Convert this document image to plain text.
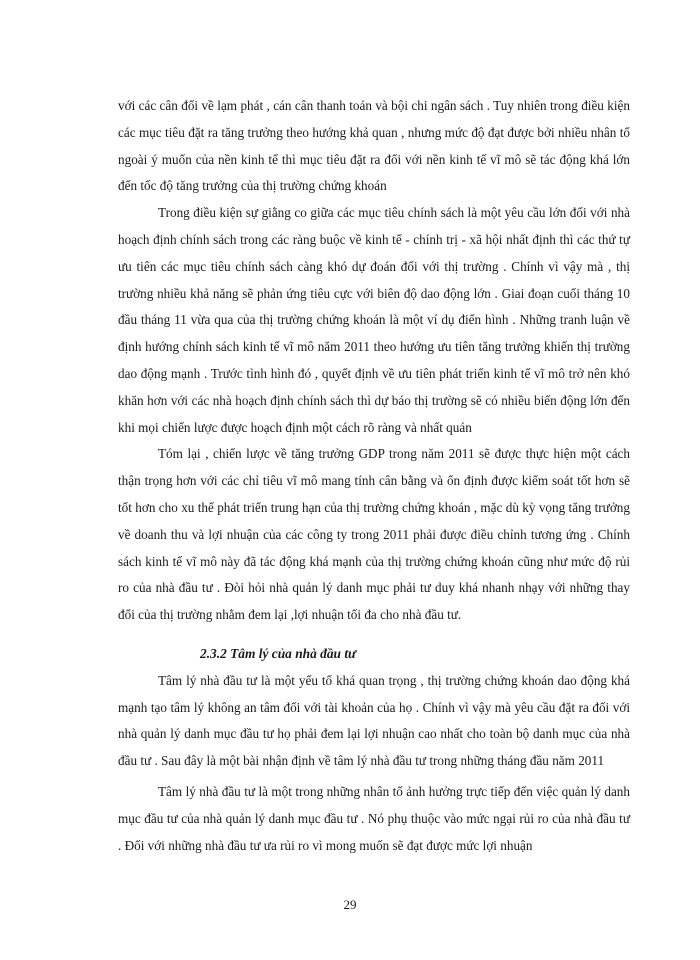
với các cân đối về lạm phát , cán cân thanh toán và bội chi ngân sách . Tuy nhiên trong điều kiện các mục tiêu đặt ra tăng trưởng theo hướng khả quan , nhưng mức độ đạt được bởi nhiều nhân tố ngoài ý muốn của nền kinh tế thì mục tiêu đặt ra đối với nền kinh tế vĩ mô sẽ tác động khá lớn đến tốc độ tăng trưởng của thị trường chứng khoán

Trong điều kiện sự giằng co giữa các mục tiêu chính sách là một yêu cầu lớn đối với nhà hoạch định chính sách trong các ràng buộc về kinh tế - chính trị - xã hội nhất định thì các thứ tự ưu tiên các mục tiêu chính sách càng khó dự đoán đối với thị trường . Chính vì vậy mà , thị trường nhiều khả năng sẽ phản ứng tiêu cực với biên độ dao động lớn . Giai đoạn cuối tháng 10 đầu tháng 11 vừa qua của thị trường chứng khoán là một ví dụ điển hình . Những tranh luận về định hướng chính sách kinh tế vĩ mô năm 2011 theo hướng ưu tiên tăng trưởng khiến thị trường dao động mạnh . Trước tình hình đó , quyết định về ưu tiên phát triển kinh tế vĩ mô trở nên khó khăn hơn với các nhà hoạch định chính sách thì dự báo thị trường sẽ có nhiều biến động lớn đến khi mọi chiến lược được hoạch định một cách rõ ràng và nhất quán

Tóm lại , chiến lược về tăng trưởng GDP trong năm 2011 sẽ được thực hiện một cách thận trọng hơn với các chỉ tiêu vĩ mô mang tính cân bằng và ổn định được kiểm soát tốt hơn sẽ tốt hơn cho xu thế phát triển trung hạn của thị trường chứng khoán , mặc dù kỳ vọng tăng trưởng về doanh thu và lợi nhuận của các công ty trong 2011 phải được điều chỉnh tương ứng . Chính sách kinh tế vĩ mô này đã tác động khá mạnh của thị trường chứng khoán cũng như mức độ rủi ro của nhà đầu tư . Đòi hỏi nhà quản lý danh mục phải tư duy khá nhanh nhạy với những thay đổi của thị trường nhằm đem lại ,lợi nhuận tối đa cho nhà đầu tư.

2.3.2 Tâm lý của nhà đầu tư

Tâm lý nhà đầu tư là một yếu tố khá quan trọng , thị trường chứng khoán dao động khá mạnh tạo tâm lý không an tâm đối với tài khoản của họ . Chính vì vậy mà yêu cầu đặt ra đối với nhà quản lý danh mục đầu tư họ phải đem lại lợi nhuận cao nhất cho toàn bộ danh mục của nhà đầu tư . Sau đây là một bài nhận định về tâm lý nhà đầu tư trong những tháng đầu năm 2011

Tâm lý nhà đầu tư là một trong những nhân tố ảnh hưởng trực tiếp đến việc quản lý danh mục đầu tư của nhà quản lý danh mục đầu tư . Nó phụ thuộc vào mức ngại rủi ro của nhà đầu tư . Đối với những nhà đầu tư ưa rủi ro vì mong muốn sẽ đạt được mức lợi nhuận

29
